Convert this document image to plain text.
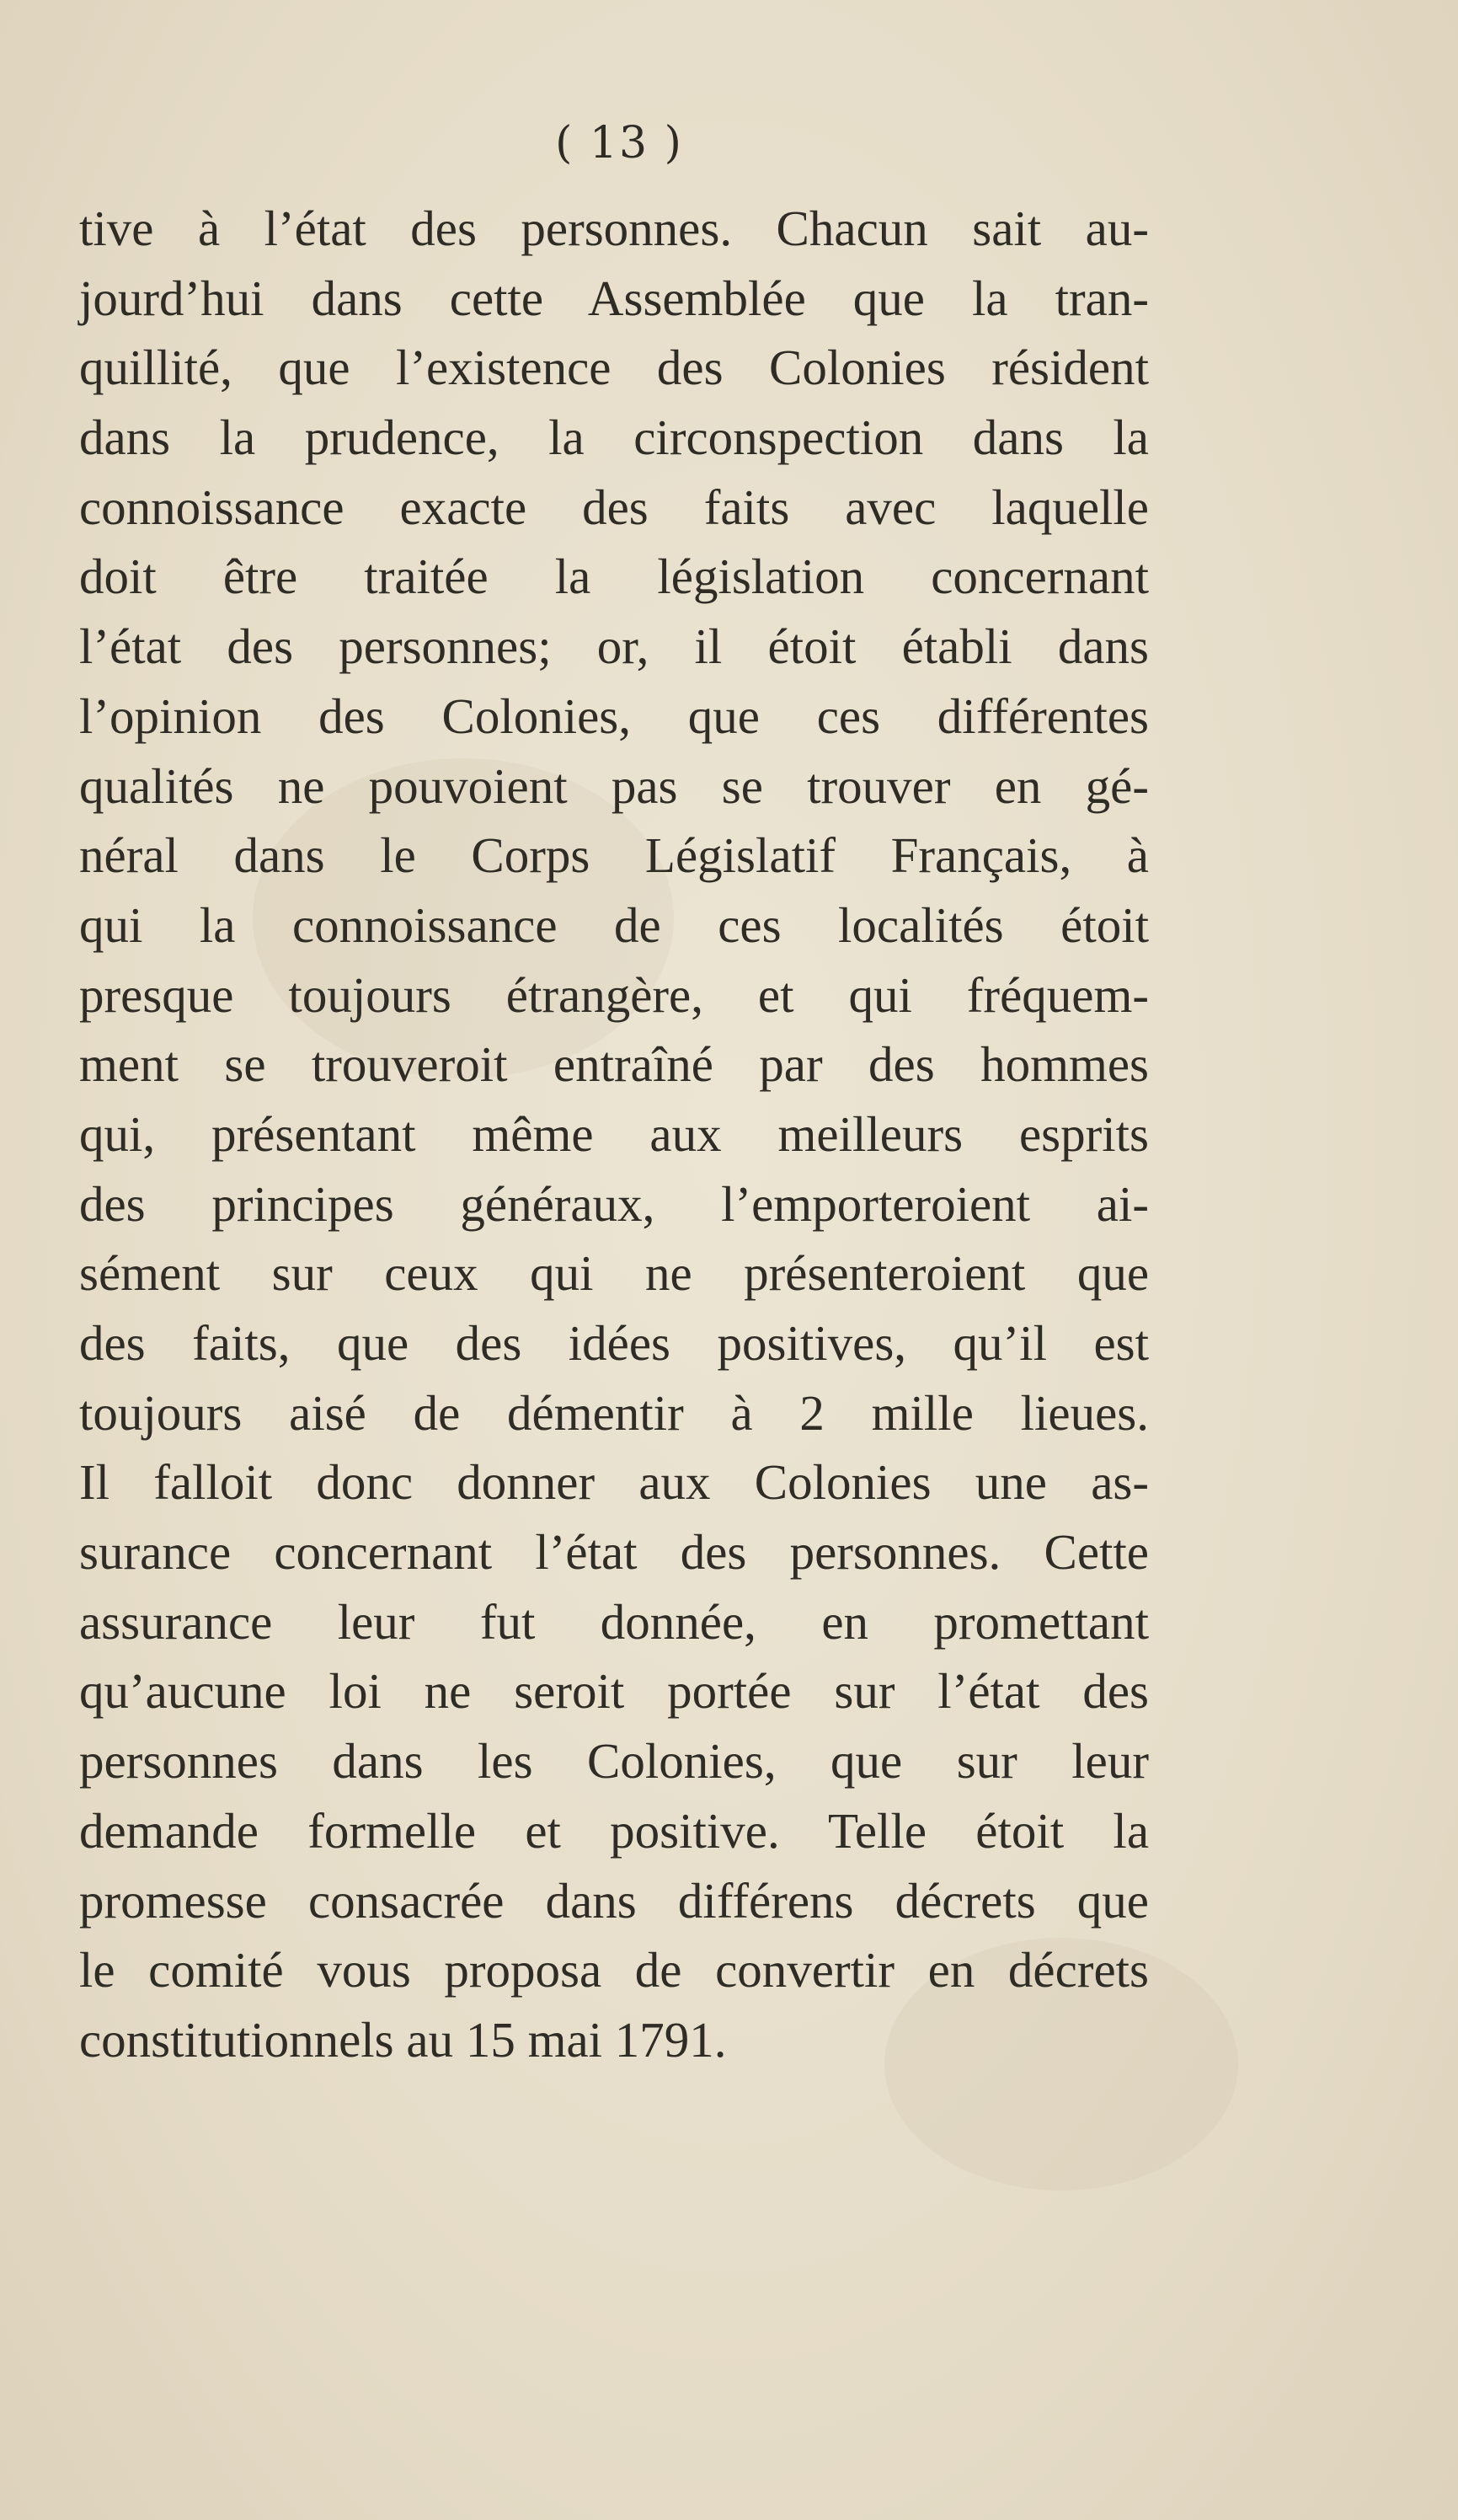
( 13 )
tive à l’état des personnes. Chacun sait au-
jourd’hui dans cette Assemblée que la tran-
quillité, que l’existence des Colonies résident
dans la prudence, la circonspection dans la
connoissance exacte des faits avec laquelle
doit être traitée la législation concernant
l’état des personnes; or, il étoit établi dans
l’opinion des Colonies, que ces différentes
qualités ne pouvoient pas se trouver en gé-
néral dans le Corps Législatif Français, à
qui la connoissance de ces localités étoit
presque toujours étrangère, et qui fréquem-
ment se trouveroit entraîné par des hommes
qui, présentant même aux meilleurs esprits
des principes généraux, l’emporteroient ai-
sément sur ceux qui ne présenteroient que
des faits, que des idées positives, qu’il est
toujours aisé de démentir à 2 mille lieues.
Il falloit donc donner aux Colonies une as-
surance concernant l’état des personnes. Cette
assurance leur fut donnée, en promettant
qu’aucune loi ne seroit portée sur l’état des
personnes dans les Colonies, que sur leur
demande formelle et positive. Telle étoit la
promesse consacrée dans différens décrets que
le comité vous proposa de convertir en décrets
constitutionnels au 15 mai 1791.
